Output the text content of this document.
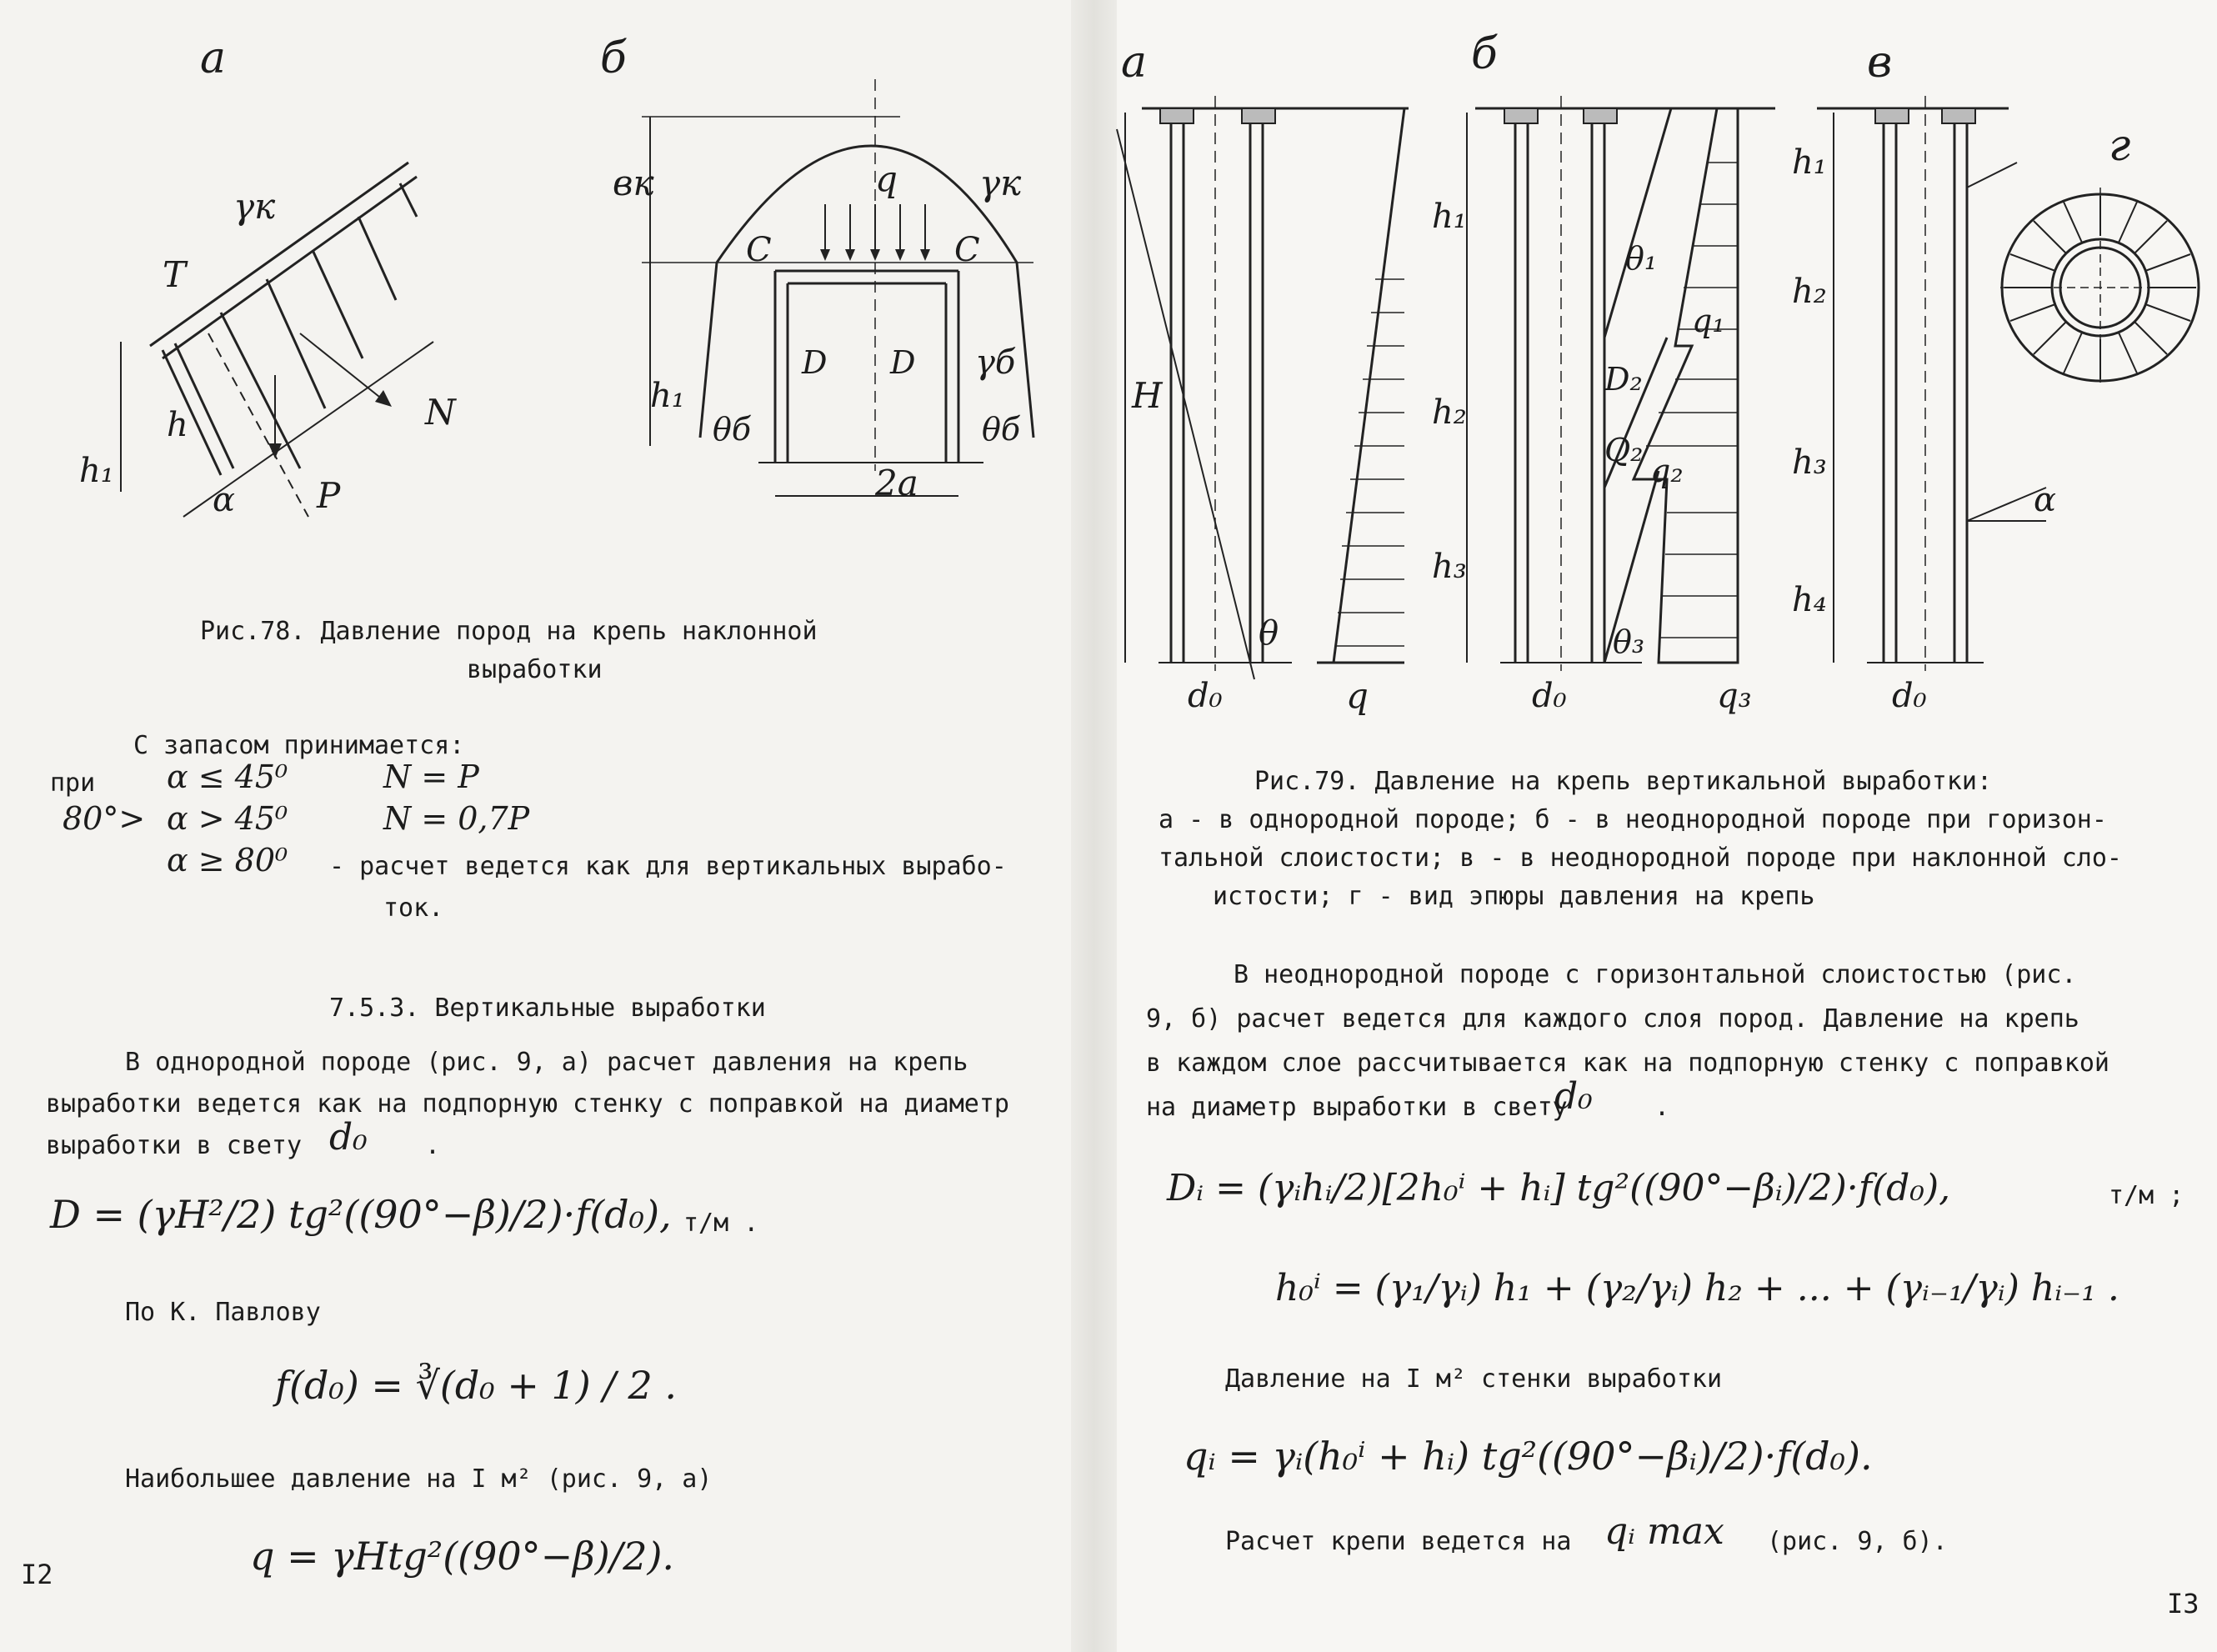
а	б
γк
T
h
h₁
α
N
P
вк	q γк
C	C
D D γб
h₁
θб	θб
2a
Рис.78. Давление пород на крепь наклонной
выработки
С запасом принимается:
при α ≤ 45⁰	N = P
80°> α > 45⁰	N = 0,7P
α ≥ 80⁰ - расчет ведется как для вертикальных вырабо-
ток.
7.5.3. Вертикальные выработки
В однородной породе (рис. 9, а) расчет давления на крепь
выработки ведется как на подпорную стенку с поправкой на диаметр
выработки в свету d₀ .
D = (γH²/2) tg²((90°−β)/2)·f(d₀), т/м .
По К. Павлову
f(d₀) = ∛(d₀ + 1) / 2 .
Наибольшее давление на I м² (рис. 9, а)
q = γHtg²((90°−β)/2).
I2
а	б	в
г
H
θ
d₀	q
h₁
h₂
h₃
θ₁
q₁
D₂
Q₂
q₂
θ₃
d₀	q₃
h₁
h₂
h₃
h₄
α
d₀
Рис.79. Давление на крепь вертикальной выработки:
а - в однородной породе; б - в неоднородной породе при горизон-
тальной слоистости; в - в неоднородной породе при наклонной сло-
истости; г - вид эпюры давления на крепь
В неоднородной породе с горизонтальной слоистостью (рис.
9, б) расчет ведется для каждого слоя пород. Давление на крепь
в каждом слое рассчитывается как на подпорную стенку с поправкой
на диаметр выработки в свету
d₀ .
Dᵢ = (γᵢhᵢ/2)[2h₀ⁱ + hᵢ] tg²((90°−βᵢ)/2)·f(d₀),	т/м ;
h₀ⁱ = (γ₁/γᵢ) h₁ + (γ₂/γᵢ) h₂ + ... + (γᵢ₋₁/γᵢ) hᵢ₋₁ .
Давление на I м² стенки выработки
qᵢ = γᵢ(h₀ⁱ + hᵢ) tg²((90°−βᵢ)/2)·f(d₀).
Расчет крепи ведется на qᵢ max (рис. 9, б).
I3
